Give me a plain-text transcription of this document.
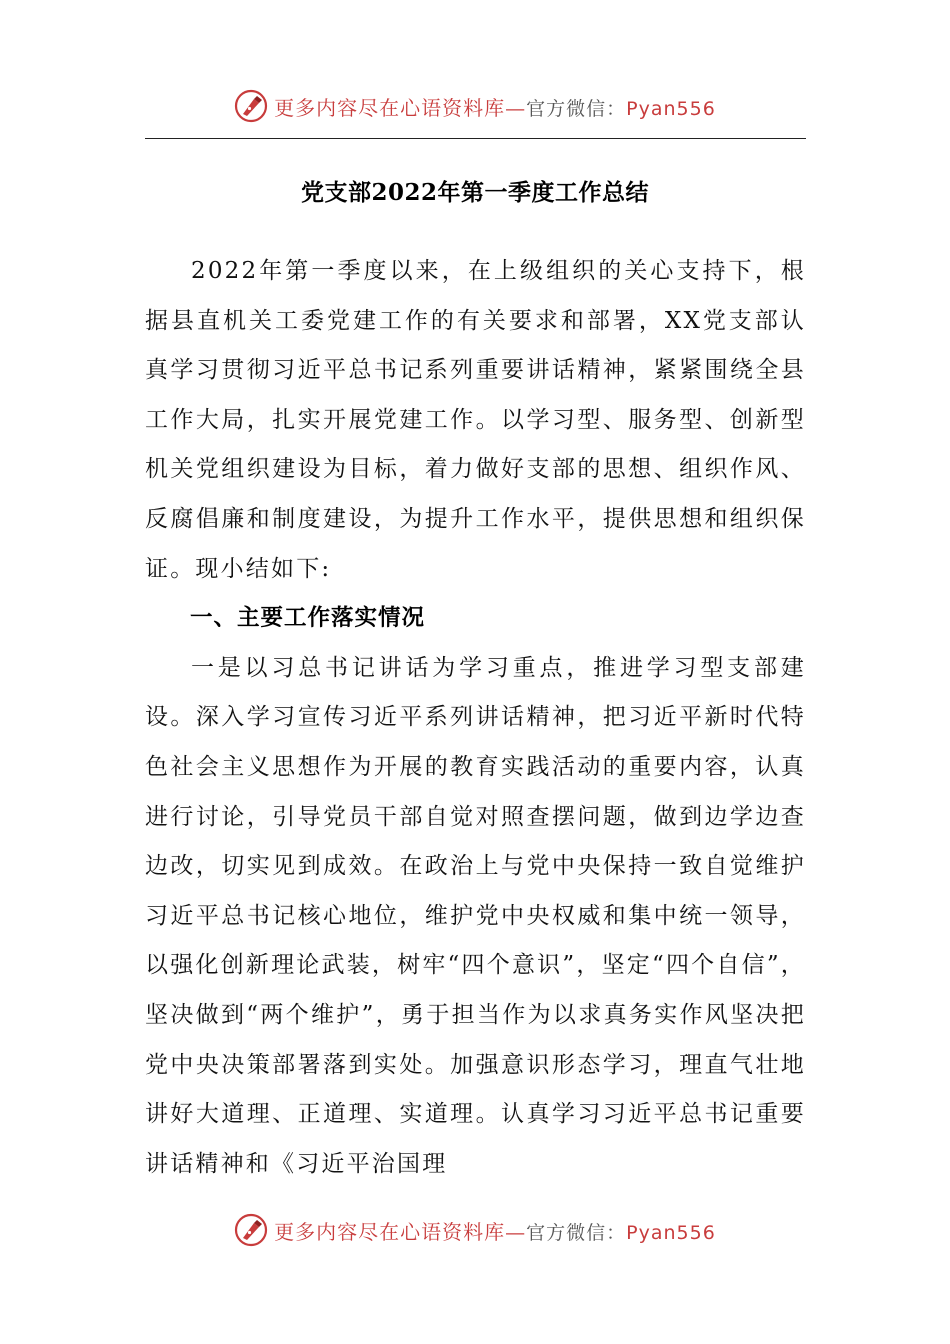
更多内容尽在心语资料库—官方微信：Pyan556
党支部2022年第一季度工作总结

2022年第一季度以来，在上级组织的关心支持下，根据县直机关工委党建工作的有关要求和部署，XX党支部认真学习贯彻习近平总书记系列重要讲话精神，紧紧围绕全县工作大局，扎实开展党建工作。以学习型、服务型、创新型机关党组织建设为目标，着力做好支部的思想、组织作风、反腐倡廉和制度建设，为提升工作水平，提供思想和组织保证。现小结如下:

一、主要工作落实情况

一是以习总书记讲话为学习重点，推进学习型支部建设。深入学习宣传习近平系列讲话精神，把习近平新时代特色社会主义思想作为开展的教育实践活动的重要内容，认真进行讨论，引导党员干部自觉对照查摆问题，做到边学边查边改，切实见到成效。在政治上与党中央保持一致自觉维护习近平总书记核心地位，维护党中央权威和集中统一领导，以强化创新理论武装，树牢“四个意识”，坚定“四个自信”，坚决做到“两个维护”，勇于担当作为以求真务实作风坚决把党中央决策部署落到实处。加强意识形态学习，理直气壮地讲好大道理、正道理、实道理。认真学习习近平总书记重要讲话精神和《习近平治国理

更多内容尽在心语资料库—官方微信：Pyan556
